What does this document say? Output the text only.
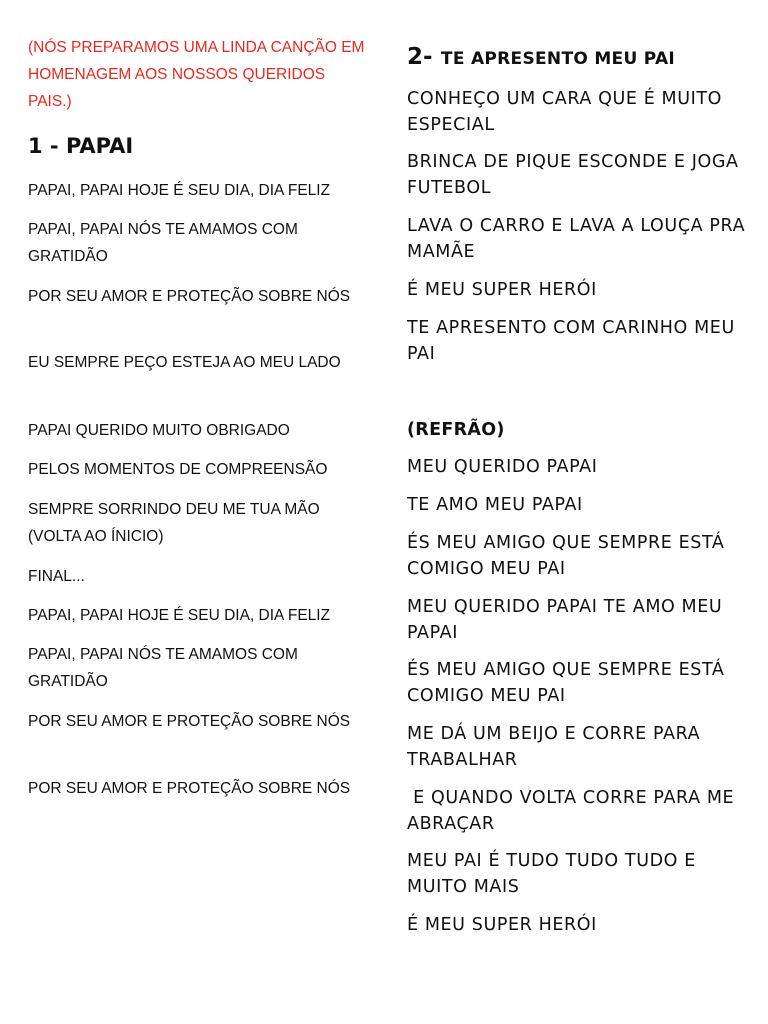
(NÓS PREPARAMOS UMA LINDA CANÇÃO EM HOMENAGEM AOS NOSSOS QUERIDOS PAIS.)

1 - PAPAI

PAPAI, PAPAI HOJE É SEU DIA, DIA FELIZ

PAPAI, PAPAI NÓS TE AMAMOS COM GRATIDÃO

POR SEU AMOR E PROTEÇÃO SOBRE NÓS

EU SEMPRE PEÇO ESTEJA AO MEU LADO

PAPAI QUERIDO MUITO OBRIGADO

PELOS MOMENTOS DE COMPREENSÃO

SEMPRE SORRINDO DEU ME TUA MÃO (VOLTA AO ÍNICIO)

FINAL...

PAPAI, PAPAI HOJE É SEU DIA, DIA FELIZ

PAPAI, PAPAI NÓS TE AMAMOS COM GRATIDÃO

POR SEU AMOR E PROTEÇÃO SOBRE NÓS

POR SEU AMOR E PROTEÇÃO SOBRE NÓS

2- TE APRESENTO MEU PAI

CONHEÇO UM CARA QUE É MUITO ESPECIAL

BRINCA DE PIQUE ESCONDE E JOGA FUTEBOL

LAVA O CARRO E LAVA A LOUÇA PRA MAMÃE

É MEU SUPER HERÓI

TE APRESENTO COM CARINHO MEU PAI

(REFRÃO)

MEU QUERIDO PAPAI

TE AMO MEU PAPAI

ÉS MEU AMIGO QUE SEMPRE ESTÁ COMIGO MEU PAI

MEU QUERIDO PAPAI TE AMO MEU PAPAI

ÉS MEU AMIGO QUE SEMPRE ESTÁ COMIGO MEU PAI

ME DÁ UM BEIJO E CORRE PARA TRABALHAR

E QUANDO VOLTA CORRE PARA ME ABRAÇAR

MEU PAI É TUDO TUDO TUDO E MUITO MAIS

É MEU SUPER HERÓI
